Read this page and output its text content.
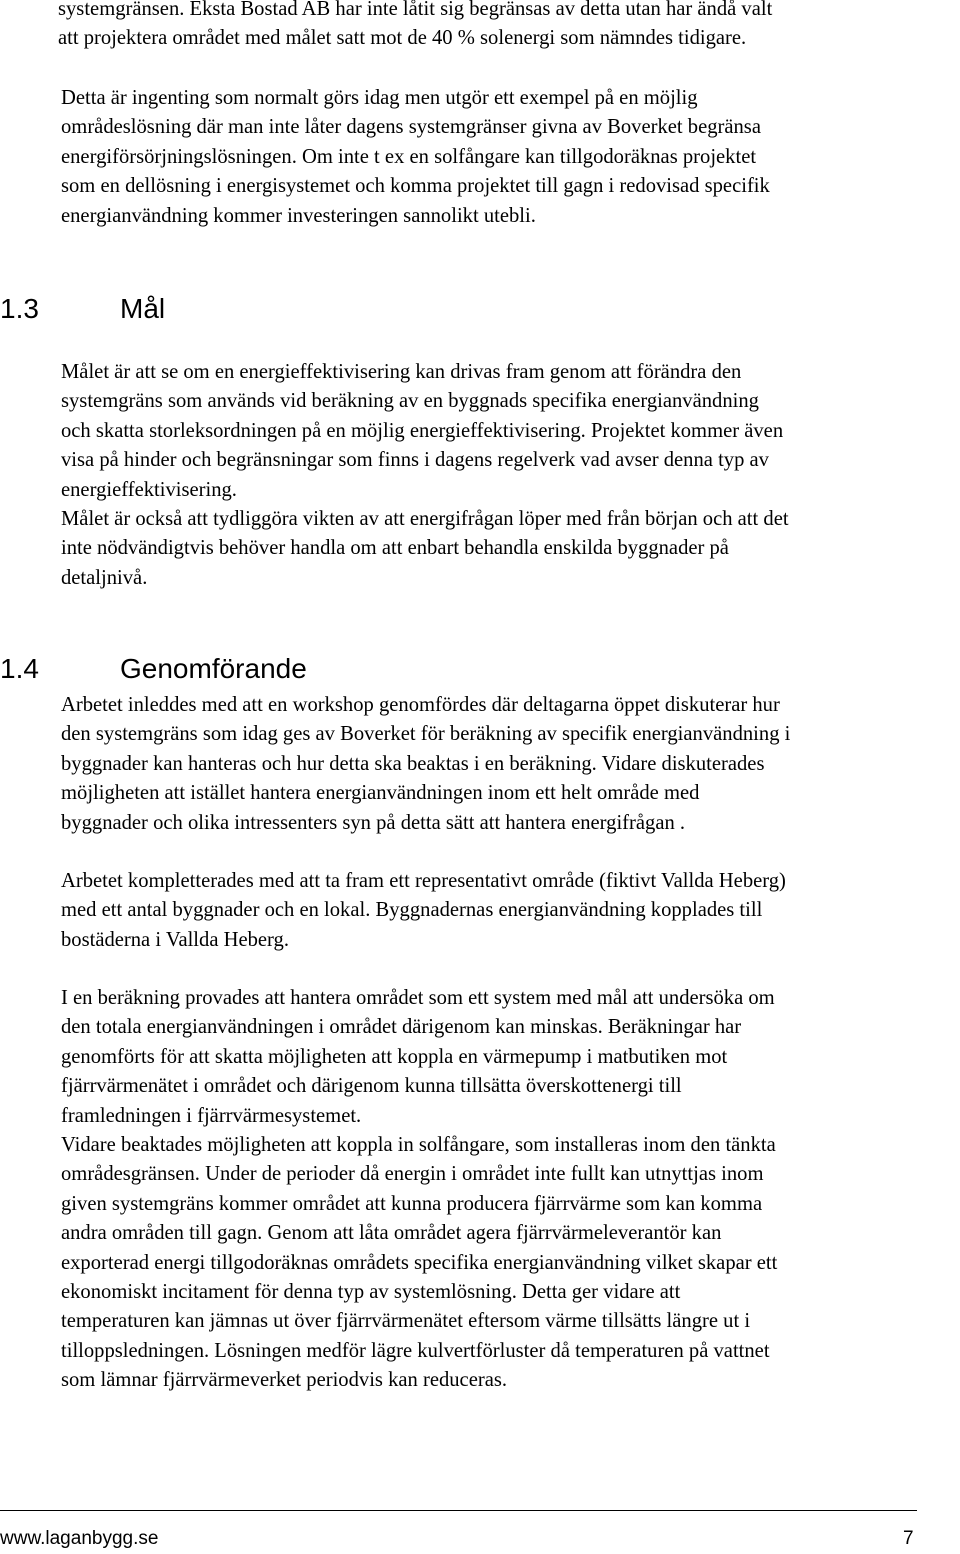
systemgränsen. Eksta Bostad AB har inte låtit sig begränsas av detta utan har ändå valt
att projektera området med målet satt mot de 40 % solenergi som nämndes tidigare.

Detta är ingenting som normalt görs idag men utgör ett exempel på en möjlig
områdeslösning där man inte låter dagens systemgränser givna av Boverket begränsa
energiförsörjningslösningen. Om inte t ex en solfångare kan tillgodoräknas projektet
som en dellösning i energisystemet och komma projektet till gagn i redovisad specifik
energianvändning kommer investeringen sannolikt utebli.

1.3	Mål

Målet är att se om en energieffektivisering kan drivas fram genom att förändra den
systemgräns som används vid beräkning av en byggnads specifika energianvändning
och skatta storleksordningen på en möjlig energieffektivisering. Projektet kommer även
visa på hinder och begränsningar som finns i dagens regelverk vad avser denna typ av
energieffektivisering.

Målet är också att tydliggöra vikten av att energifrågan löper med från början och att det
inte nödvändigtvis behöver handla om att enbart behandla enskilda byggnader på
detaljnivå.

1.4	Genomförande

Arbetet inleddes med att en workshop genomfördes där deltagarna öppet diskuterar hur
den systemgräns som idag ges av Boverket för beräkning av specifik energianvändning i
byggnader kan hanteras och hur detta ska beaktas i en beräkning. Vidare diskuterades
möjligheten att istället hantera energianvändningen inom ett helt område med
byggnader och olika intressenters syn på detta sätt att hantera energifrågan .

Arbetet kompletterades med att ta fram ett representativt område (fiktivt Vallda Heberg)
med ett antal byggnader och en lokal. Byggnadernas energianvändning kopplades till
bostäderna i Vallda Heberg.

I en beräkning provades att hantera området som ett system med mål att undersöka om
den totala energianvändningen i området därigenom kan minskas. Beräkningar har
genomförts för att skatta möjligheten att koppla en värmepump i matbutiken mot
fjärrvärmenätet i området och därigenom kunna tillsätta överskottenergi till
framledningen i fjärrvärmesystemet.

Vidare beaktades möjligheten att koppla in solfångare, som installeras inom den tänkta
områdesgränsen. Under de perioder då energin i området inte fullt kan utnyttjas inom
given systemgräns kommer området att kunna producera fjärrvärme som kan komma
andra områden till gagn. Genom att låta området agera fjärrvärmeleverantör kan
exporterad energi tillgodoräknas områdets specifika energianvändning vilket skapar ett
ekonomiskt incitament för denna typ av systemlösning. Detta ger vidare att
temperaturen kan jämnas ut över fjärrvärmenätet eftersom värme tillsätts längre ut i
tilloppsledningen. Lösningen medför lägre kulvertförluster då temperaturen på vattnet
som lämnar fjärrvärmeverket periodvis kan reduceras.

www.laganbygg.se	7
